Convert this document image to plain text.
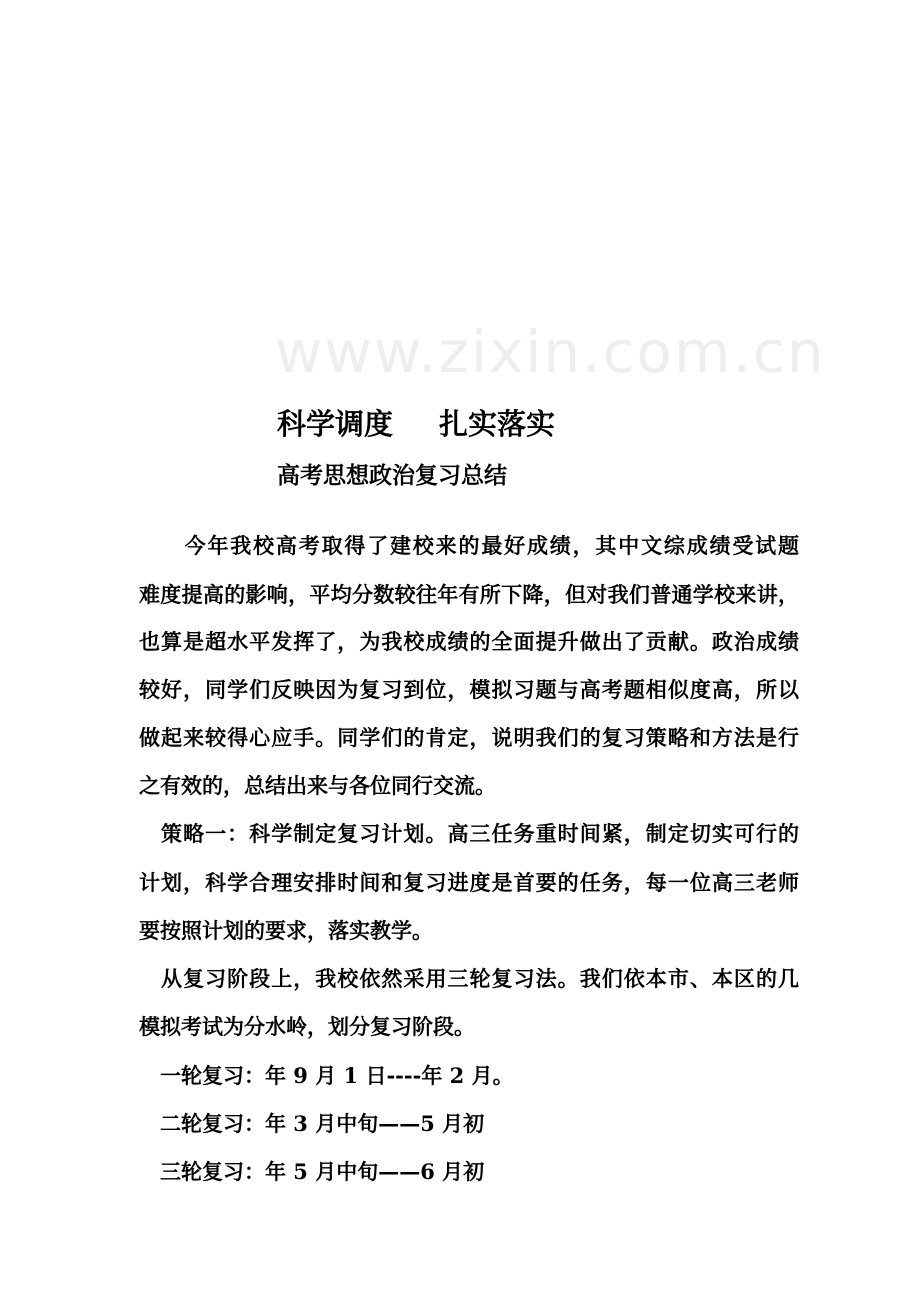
www.zixin.com.cn
科学调度 扎实落实
高考思想政治复习总结
　　今年我校高考取得了建校来的最好成绩，其中文综成绩受试题
难度提高的影响，平均分数较往年有所下降，但对我们普通学校来讲，
也算是超水平发挥了，为我校成绩的全面提升做出了贡献。政治成绩
较好，同学们反映因为复习到位，模拟习题与高考题相似度高，所以
做起来较得心应手。同学们的肯定，说明我们的复习策略和方法是行
之有效的，总结出来与各位同行交流。
　策略一：科学制定复习计划。高三任务重时间紧，制定切实可行的
计划，科学合理安排时间和复习进度是首要的任务，每一位高三老师
要按照计划的要求，落实教学。
　从复习阶段上，我校依然采用三轮复习法。我们依本市、本区的几
模拟考试为分水岭，划分复习阶段。
　一轮复习：年 9 月 1 日----年 2 月。
　二轮复习：年 3 月中旬——5 月初
　三轮复习：年 5 月中旬——6 月初
